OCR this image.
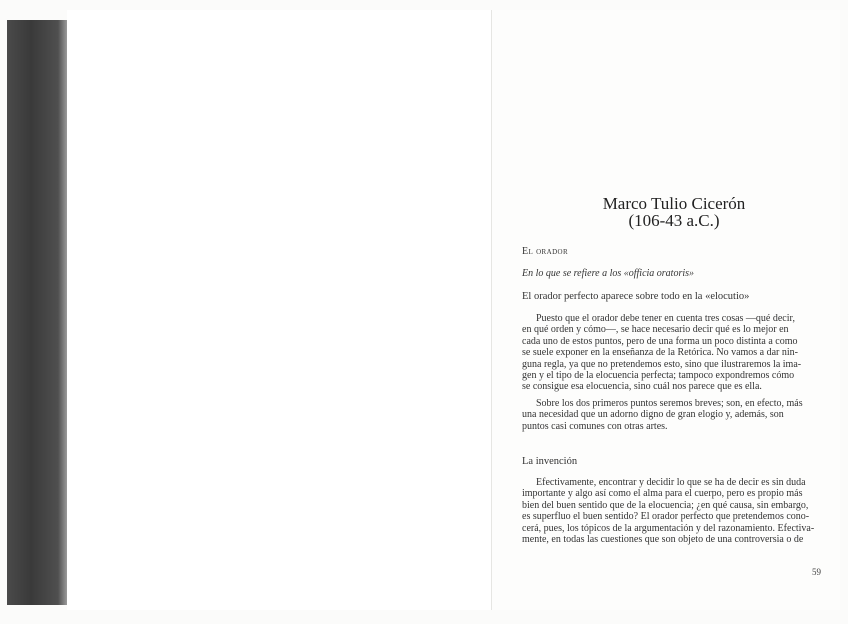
Marco Tulio Cicerón
(106-43 a.C.)
El orador
En lo que se refiere a los «officia oratoris»
El orador perfecto aparece sobre todo en la «elocutio»
Puesto que el orador debe tener en cuenta tres cosas —qué decir,
en qué orden y cómo—, se hace necesario decir qué es lo mejor en
cada uno de estos puntos, pero de una forma un poco distinta a como
se suele exponer en la enseñanza de la Retórica. No vamos a dar nin-
guna regla, ya que no pretendemos esto, sino que ilustraremos la ima-
gen y el tipo de la elocuencia perfecta; tampoco expondremos cómo
se consigue esa elocuencia, sino cuál nos parece que es ella.
Sobre los dos primeros puntos seremos breves; son, en efecto, más
una necesidad que un adorno digno de gran elogio y, además, son
puntos casi comunes con otras artes.
La invención
Efectivamente, encontrar y decidir lo que se ha de decir es sin duda
importante y algo así como el alma para el cuerpo, pero es propio más
bien del buen sentido que de la elocuencia; ¿en qué causa, sin embargo,
es superfluo el buen sentido? El orador perfecto que pretendemos cono-
cerá, pues, los tópicos de la argumentación y del razonamiento. Efectiva-
mente, en todas las cuestiones que son objeto de una controversia o de
59
